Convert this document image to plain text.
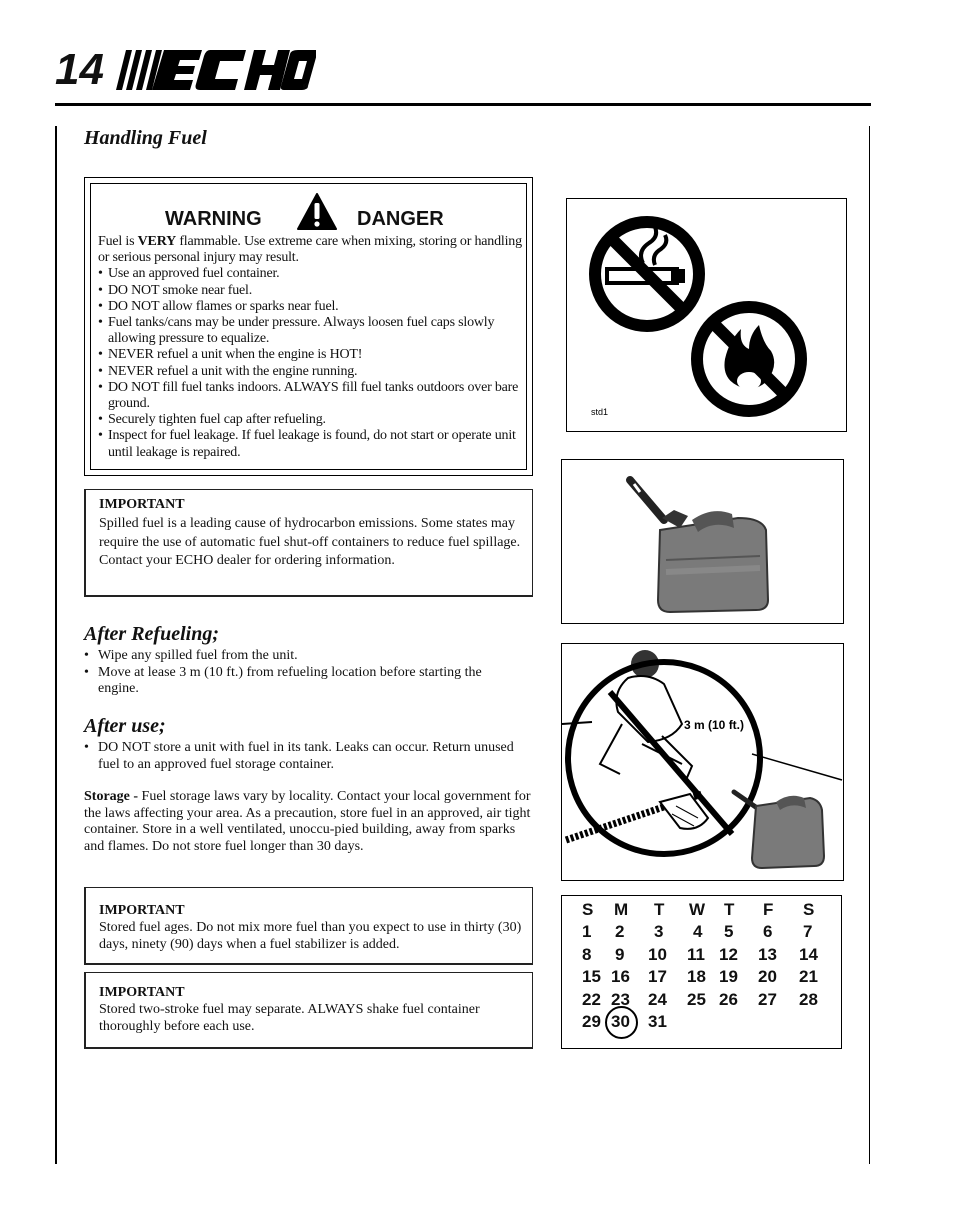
14	®
Handling Fuel
WARNING	DANGER

Fuel is VERY flammable. Use extreme care when mixing, storing or handling or serious personal injury may result.

• Use an approved fuel container.
• DO NOT smoke near fuel.
• DO NOT allow flames or sparks near fuel.
• Fuel tanks/cans may be under pressure. Always loosen fuel caps slowly allowing pressure to equalize.
• NEVER refuel a unit when the engine is HOT!
• NEVER refuel a unit with the engine running.
• DO NOT fill fuel tanks indoors. ALWAYS fill fuel tanks outdoors over bare ground.
• Securely tighten fuel cap after refueling.
• Inspect for fuel leakage. If fuel leakage is found, do not start or operate unit until leakage is repaired.
IMPORTANT
Spilled fuel is a leading cause of hydrocarbon emissions. Some states may require the use of automatic fuel shut-off containers to reduce fuel spillage. Contact your ECHO dealer for ordering information.
After Refueling;
• Wipe any spilled fuel from the unit.
• Move at lease 3 m (10 ft.) from refueling location before starting the engine.
After use;
• DO NOT store a unit with fuel in its tank. Leaks can occur. Return unused fuel to an approved fuel storage container.
Storage - Fuel storage laws vary by locality. Contact your local government for the laws affecting your area. As a precaution, store fuel in an approved, air tight container. Store in a well ventilated, unoccu-pied building, away from sparks and flames. Do not store fuel longer than 30 days.
IMPORTANT
Stored fuel ages. Do not mix more fuel than you expect to use in thirty (30) days, ninety (90) days when a fuel stabilizer is added.
IMPORTANT
Stored two-stroke fuel may separate. ALWAYS shake fuel container thoroughly before each use.
std1
3 m (10 ft.)
S M T W T F S
1 2 3 4 5 6 7
8 9 10 11 12 13 14
15 16 17 18 19 20 21
22 23 24 25 26 27 28
29 30 31
